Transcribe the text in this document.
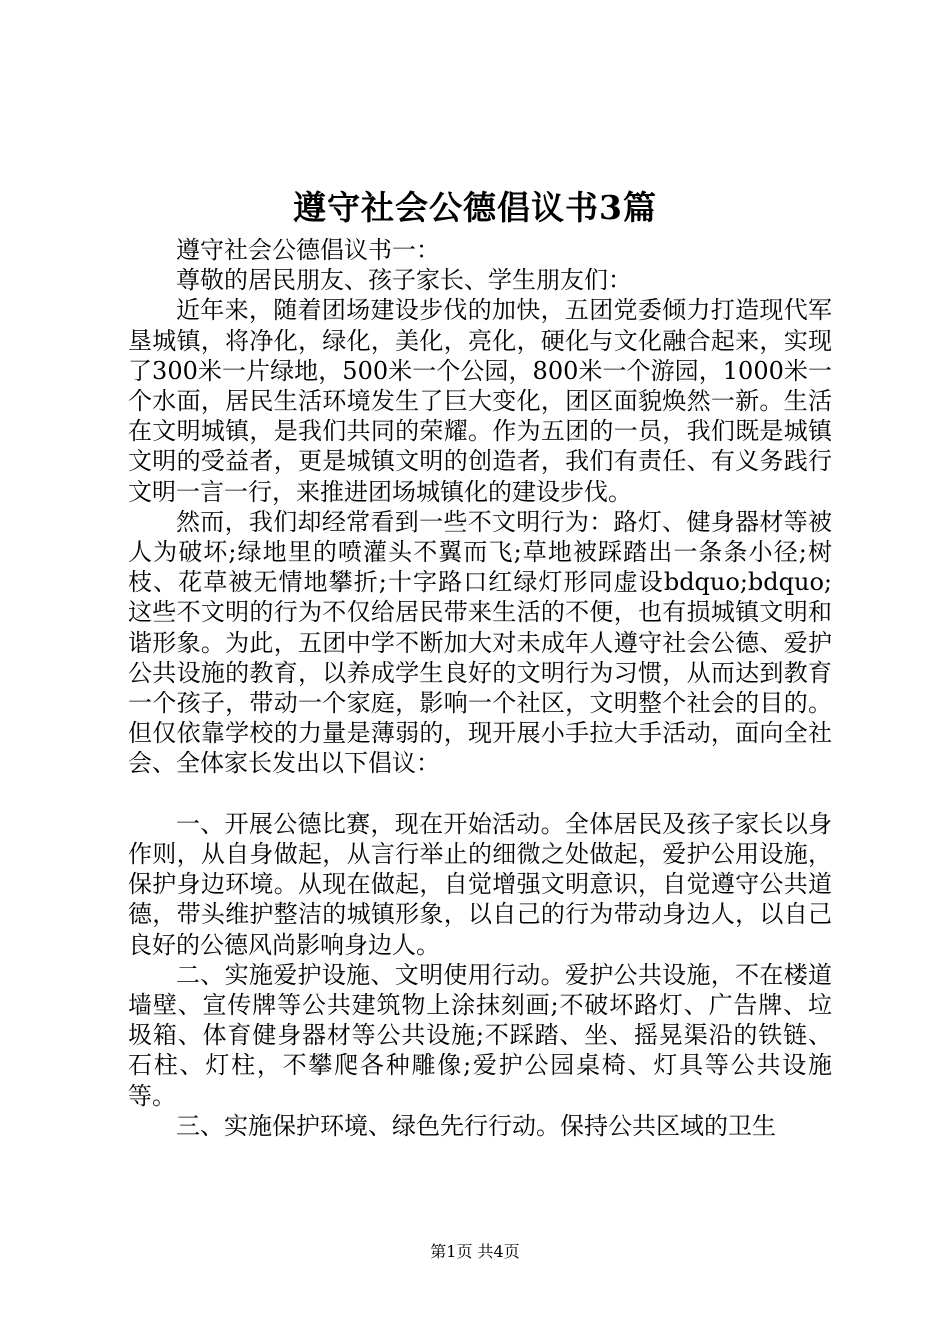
遵守社会公德倡议书3篇

遵守社会公德倡议书一：

尊敬的居民朋友、孩子家长、学生朋友们：

近年来，随着团场建设步伐的加快，五团党委倾力打造现代军垦城镇，将净化，绿化，美化，亮化，硬化与文化融合起来，实现了300米一片绿地，500米一个公园，800米一个游园，1000米一个水面，居民生活环境发生了巨大变化，团区面貌焕然一新。生活在文明城镇，是我们共同的荣耀。作为五团的一员，我们既是城镇文明的受益者，更是城镇文明的创造者，我们有责任、有义务践行文明一言一行，来推进团场城镇化的建设步伐。

然而，我们却经常看到一些不文明行为：路灯、健身器材等被人为破坏;绿地里的喷灌头不翼而飞;草地被踩踏出一条条小径;树枝、花草被无情地攀折;十字路口红绿灯形同虚设bdquo;bdquo;这些不文明的行为不仅给居民带来生活的不便，也有损城镇文明和谐形象。为此，五团中学不断加大对未成年人遵守社会公德、爱护公共设施的教育，以养成学生良好的文明行为习惯，从而达到教育一个孩子，带动一个家庭，影响一个社区，文明整个社会的目的。但仅依靠学校的力量是薄弱的，现开展小手拉大手活动，面向全社会、全体家长发出以下倡议：

一、开展公德比赛，现在开始活动。全体居民及孩子家长以身作则，从自身做起，从言行举止的细微之处做起，爱护公用设施，保护身边环境。从现在做起，自觉增强文明意识，自觉遵守公共道德，带头维护整洁的城镇形象，以自己的行为带动身边人，以自己良好的公德风尚影响身边人。

二、实施爱护设施、文明使用行动。爱护公共设施，不在楼道墙壁、宣传牌等公共建筑物上涂抹刻画;不破坏路灯、广告牌、垃圾箱、体育健身器材等公共设施;不踩踏、坐、摇晃渠沿的铁链、石柱、灯柱，不攀爬各种雕像;爱护公园桌椅、灯具等公共设施等。

三、实施保护环境、绿色先行行动。保持公共区域的卫生

第1页 共4页
